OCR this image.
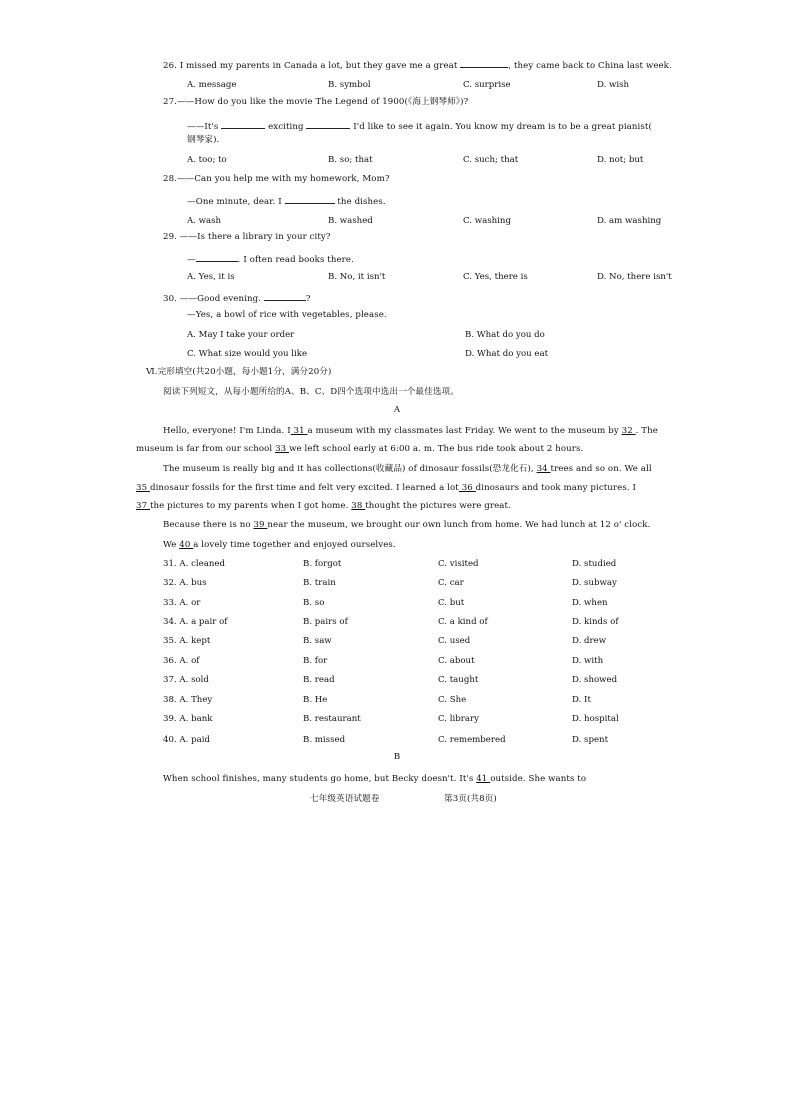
26. I missed my parents in Canada a lot, but they gave me a great	, they came back to China last week.
A. message	B. symbol	C. surprise	D. wish
27.——How do you like the movie The Legend of 1900(《海上钢琴师》)?
——It's	exciting	I'd like to see it again. You know my dream is to be a great pianist(
钢琴家).
A. too; to	B. so; that	C. such; that	D. not; but
28.——Can you help me with my homework, Mom?
—One minute, dear. I	the dishes.
A. wash	B. washed	C. washing	D. am washing
29. ——Is there a library in your city?
—	. I often read books there.
A. Yes, it is	B. No, it isn't	C. Yes, there is	D. No, there isn't
30. ——Good evening.	?
—Yes, a bowl of rice with vegetables, please.
A. May I take your order	B. What do you do
C. What size would you like	D. What do you eat
Ⅵ.完形填空(共20小题，每小题1分，满分20分)
阅读下列短文，从每小题所给的A、B、C、D四个选项中选出一个最佳选项。
A
Hello, everyone! I'm Linda. I 31 a museum with my classmates last Friday. We went to the museum by 32 . The
museum is far from our school 33 we left school early at 6:00 a. m. The bus ride took about 2 hours.
The museum is really big and it has collections(收藏品) of dinosaur fossils(恐龙化石), 34 trees and so on. We all
35 dinosaur fossils for the first time and felt very excited. I learned a lot 36 dinosaurs and took many pictures. I
37 the pictures to my parents when I got home. 38 thought the pictures were great.
Because there is no 39 near the museum, we brought our own lunch from home. We had lunch at 12 o' clock.
We 40 a lovely time together and enjoyed ourselves.
31. A. cleaned	B. forgot	C. visited	D. studied
32. A. bus	B. train	C. car	D. subway
33. A. or	B. so	C. but	D. when
34. A. a pair of	B. pairs of	C. a kind of	D. kinds of
35. A. kept	B. saw	C. used	D. drew
36. A. of	B. for	C. about	D. with
37. A. sold	B. read	C. taught	D. showed
38. A. They	B. He	C. She	D. It
39. A. bank	B. restaurant	C. library	D. hospital
40. A. paid	B. missed	C. remembered	D. spent
B
When school finishes, many students go home, but Becky doesn't. It's 41 outside. She wants to
七年级英语试题卷	第3页(共8页)
